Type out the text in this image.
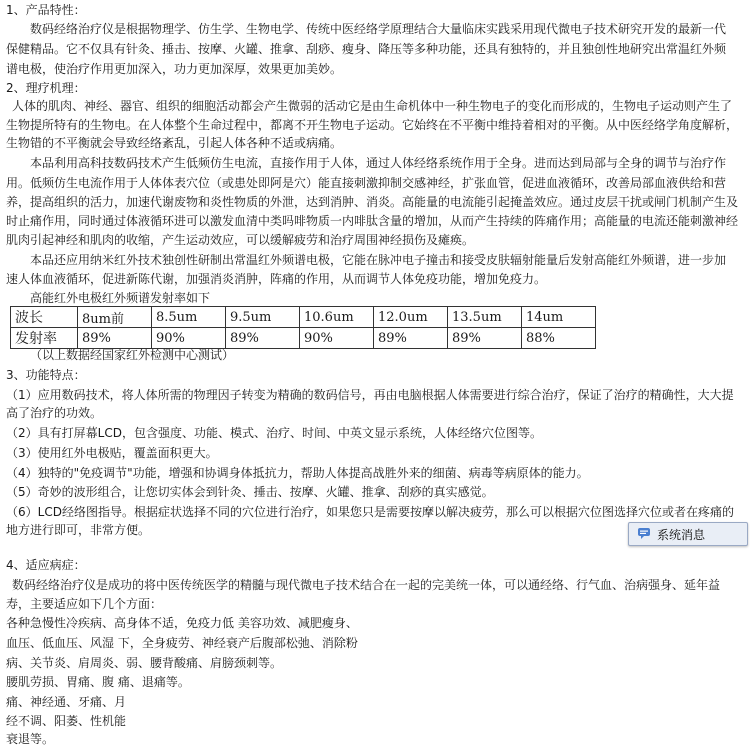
1、产品特性：
数码经络治疗仪是根据物理学、仿生学、生物电学、传统中医经络学原理结合大量临床实践采用现代微电子技术研究开发的最新一代
保健精品。它不仅具有针灸、捶击、按摩、火罐、推拿、刮痧、瘦身、降压等多种功能，还具有独特的，并且独创性地研究出常温红外频
谱电极，使治疗作用更加深入，功力更加深厚，效果更加美妙。
2、理疗机理：
人体的肌肉、神经、器官、组织的细胞活动都会产生微弱的活动它是由生命机体中一种生物电子的变化而形成的，生物电子运动则产生了
生物提所特有的生物电。在人体整个生命过程中，都离不开生物电子运动。它始终在不平衡中维持着相对的平衡。从中医经络学角度解析，
生物错的不平衡就会导致经络紊乱，引起人体各种不适或病痛。
本品利用高科技数码技术产生低频仿生电流，直接作用于人体，通过人体经络系统作用于全身。进而达到局部与全身的调节与治疗作
用。低频仿生电流作用于人体体表穴位（或患处即阿是穴）能直接刺激抑制交感神经，扩张血管，促进血液循环，改善局部血液供给和营
养，提高组织的活力，加速代谢废物和炎性物质的外泄，达到消肿、消炎。高能量的电流能引起掩盖效应。通过皮层干扰或闸门机制产生及
时止痛作用，同时通过体液循环进可以激发血清中类吗啡物质一内啡肽含量的增加，从而产生持续的阵痛作用；高能量的电流还能刺激神经
肌肉引起神经和肌肉的收缩，产生运动效应，可以缓解疲劳和治疗周围神经损伤及瘫痪。
本品还应用纳米红外技术独创性研制出常温红外频谱电极，它能在脉冲电子撞击和接受皮肤辐射能量后发射高能红外频谱，进一步加
速人体血液循环，促进新陈代谢，加强消炎消肿，阵痛的作用，从而调节人体免疫功能，增加免疫力。
高能红外电极红外频谱发射率如下
（以上数据经国家红外检测中心测试）
3、功能特点：
（1）应用数码技术，将人体所需的物理因子转变为精确的数码信号，再由电脑根据人体需要进行综合治疗，保证了治疗的精确性，大大提
高了治疗的功效。
（2）具有打屏幕LCD，包含强度、功能、模式、治疗、时间、中英文显示系统，人体经络穴位图等。
（3）使用红外电极贴，覆盖面积更大。
（4）独特的"免疫调节"功能，增强和协调身体抵抗力，帮助人体提高战胜外来的细菌、病毒等病原体的能力。
（5）奇妙的波形组合，让您切实体会到针灸、捶击、按摩、火罐、推拿、刮痧的真实感觉。
（6）LCD经络图指导。根据症状选择不同的穴位进行治疗，如果您只是需要按摩以解决疲劳，那么可以根据穴位图选择穴位或者在疼痛的
地方进行即可，非常方便。
4、适应病症：
数码经络治疗仪是成功的将中医传统医学的精髓与现代微电子技术结合在一起的完美统一体，可以通经络、行气血、治病强身、延年益
寿，主要适应如下几个方面：
各种急慢性冷疾病、高身体不适，免疫力低 美容功效、减肥瘦身、
血压、低血压、风湿 下，全身疲劳、神经衰产后腹部松弛、消除粉
病、关节炎、肩周炎、弱、腰背酸痛、肩膀颈刺等。
腰肌劳损、胃痛、腹 痛、退痛等。
痛、神经通、牙痛、月
经不调、阳萎、性机能
衰退等。
波长	8um前	8.5um	9.5um	10.6um	12.0um	13.5um	14um
发射率	89%	90%	89%	90%	89%	89%	88%
系统消息
